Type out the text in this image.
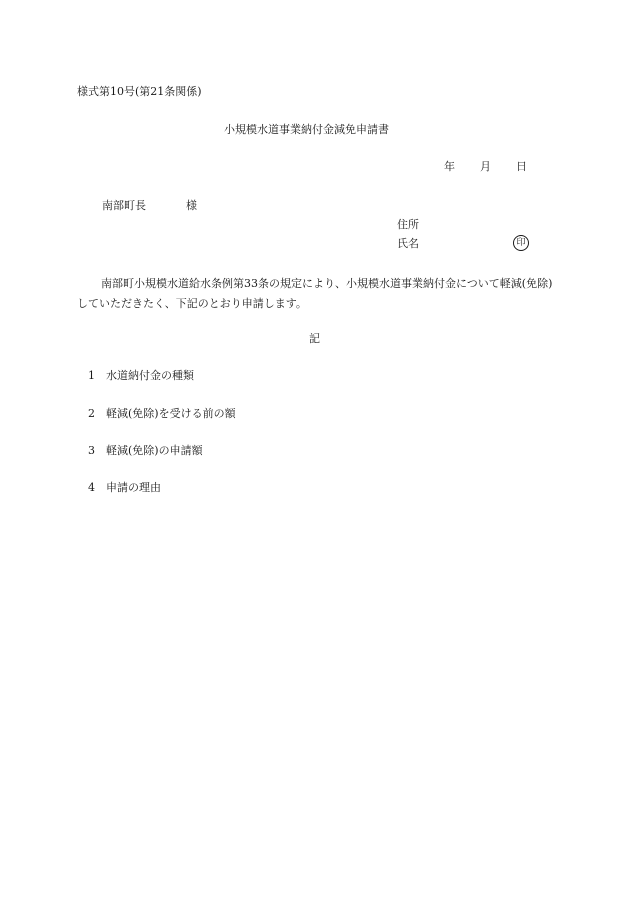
様式第10号(第21条関係)
小規模水道事業納付金減免申請書
年 月 日
南部町長	様
住所
氏名	印
南部町小規模水道給水条例第33条の規定により、小規模水道事業納付金について軽減(免除)していただきたく、下記のとおり申請します。
記
1 水道納付金の種類
2 軽減(免除)を受ける前の額
3 軽減(免除)の申請額
4 申請の理由
